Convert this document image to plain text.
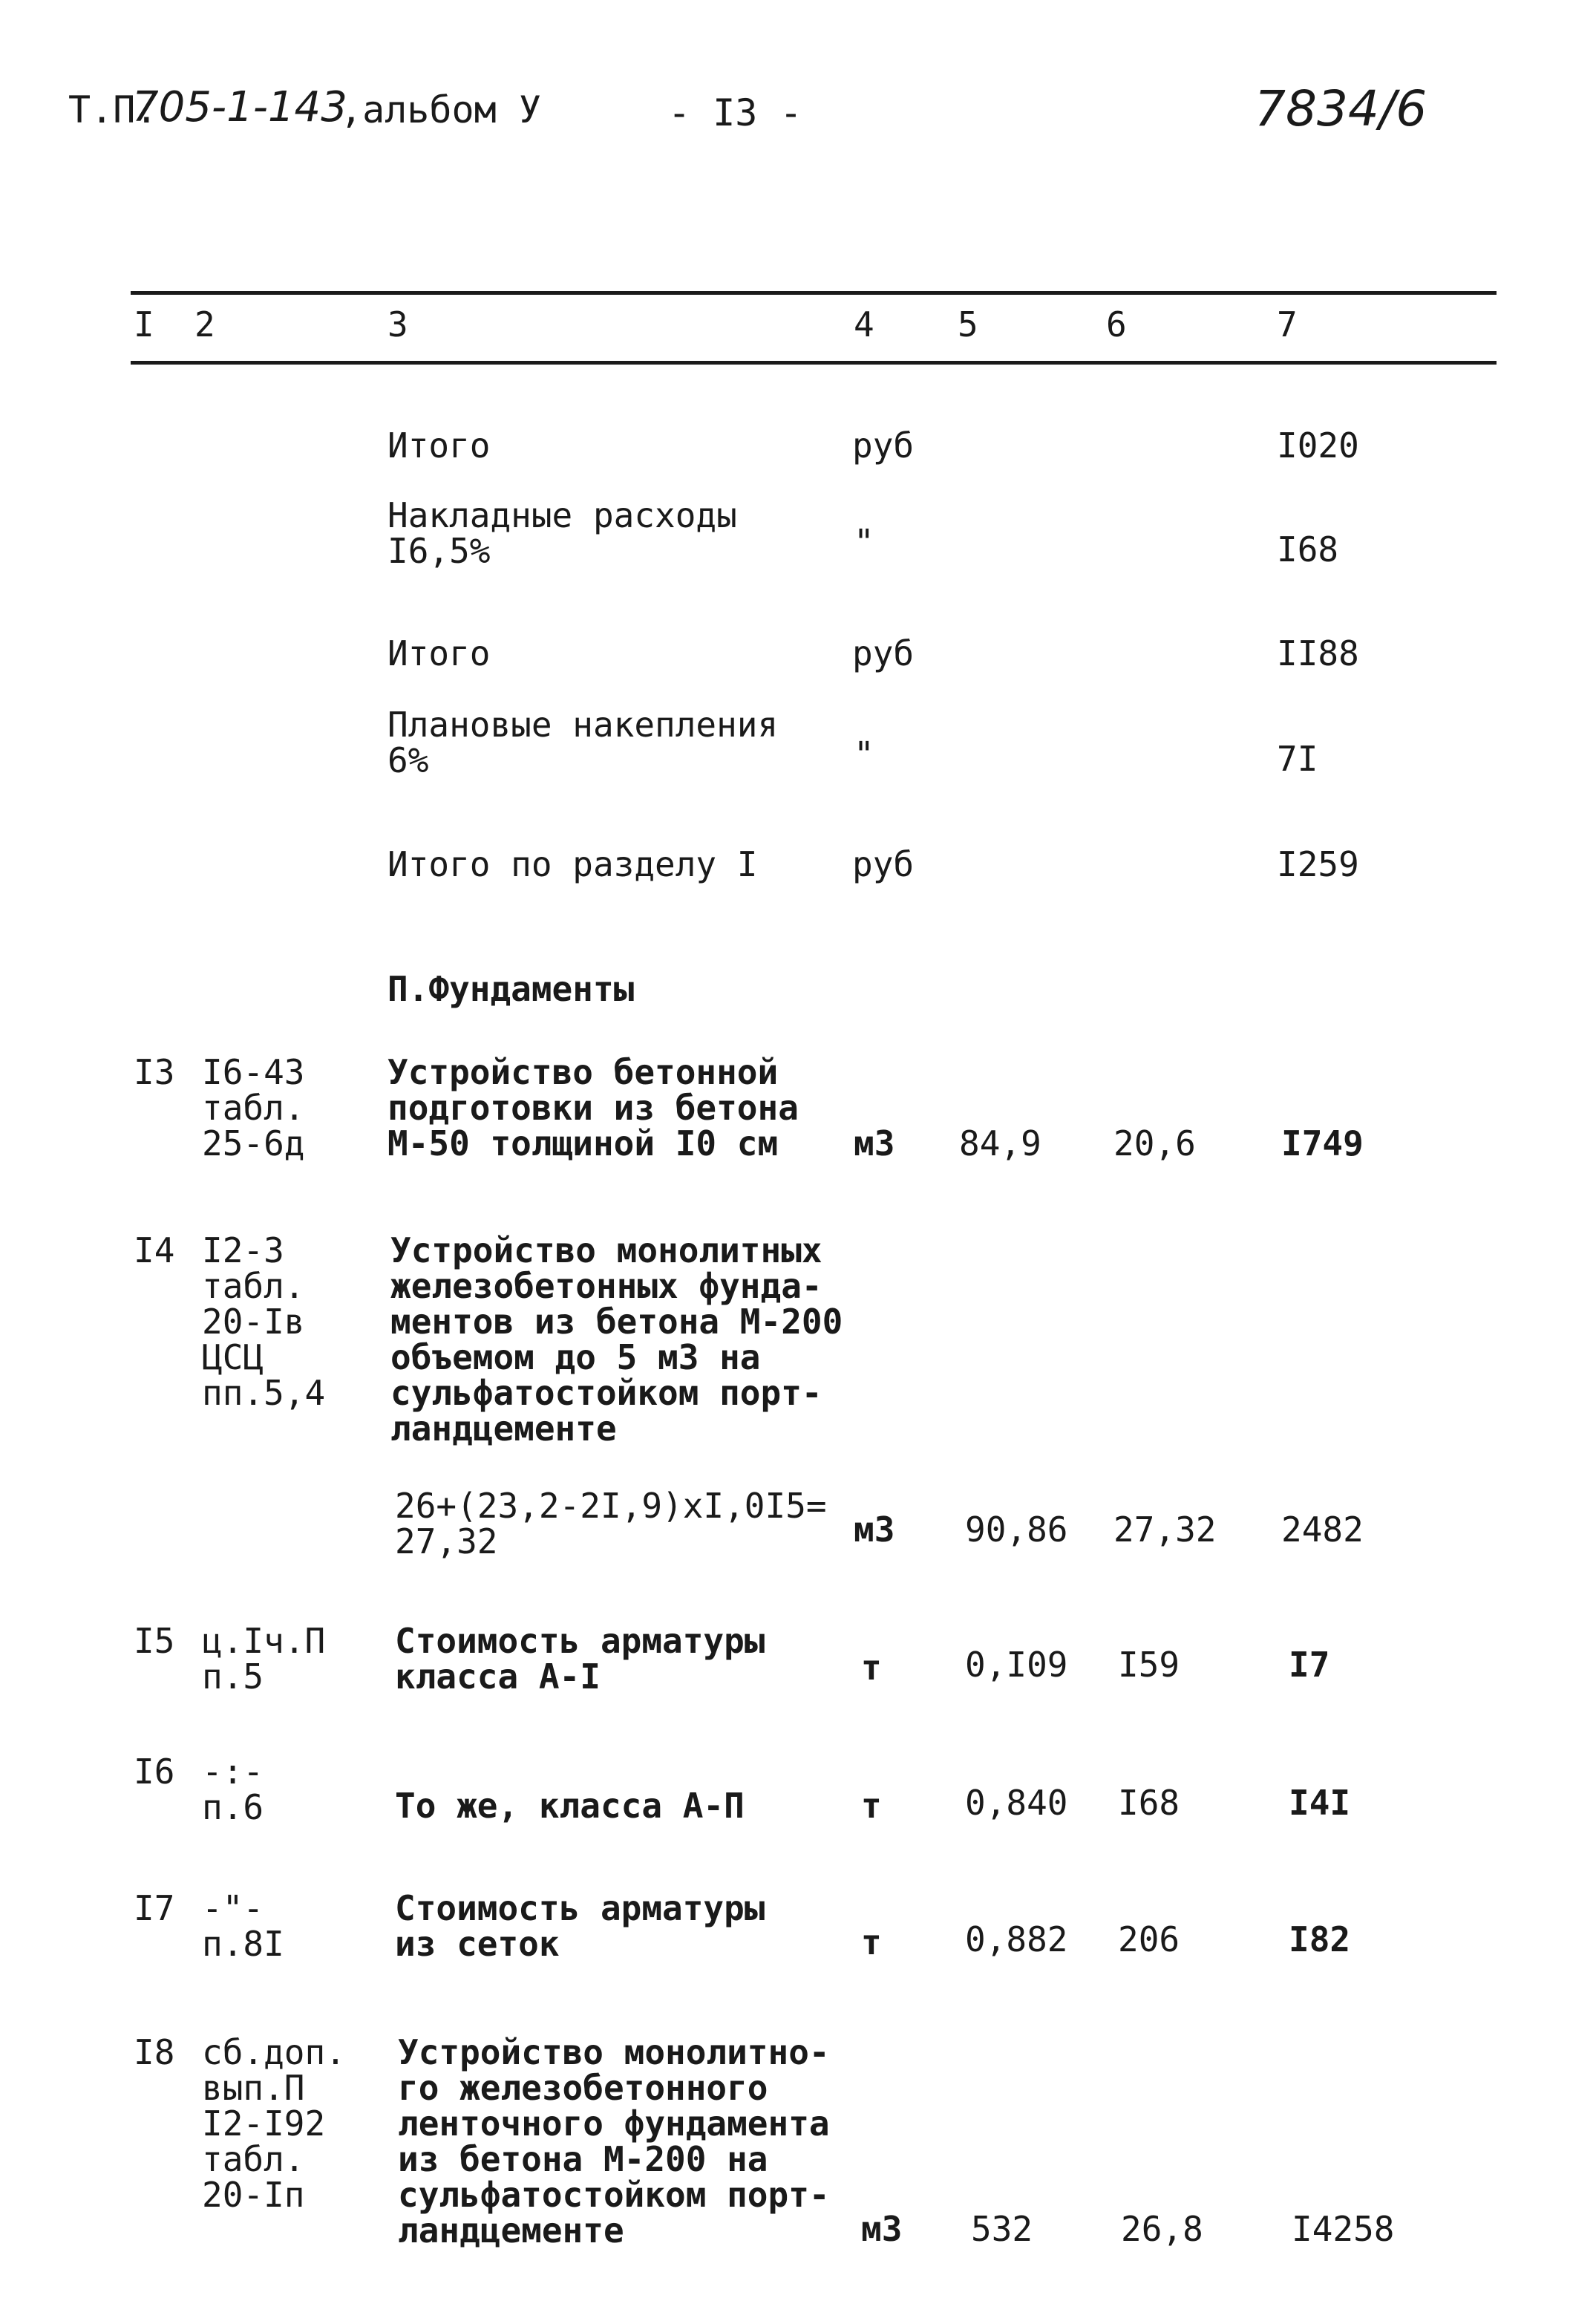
Т.П.
705-1-143
,альбом У	- I3 -	7834/6
I 2	3	4 5	6	7
Итого	руб	I020
Накладные расходы
I6,5%	"	I68
Итого	руб	II88
Плановые накепления
6%	"	7I
Итого по разделу I	руб	I259
П.Фундаменты
I3 I6-43
табл.
25-6д
Устройство бетонной
подготовки из бетона
М-50 толщиной I0 см	м3 84,9 20,6	I749
I4 I2-3
табл.
20-Iв
ЦСЦ
пп.5,4
Устройство монолитных
железобетонных фунда-
ментов из бетона М-200
объемом до 5 м3 на
сульфатостойком порт-
ландцементе
26+(23,2-2I,9)xI,0I5=
27,32	м3 90,86 27,32 2482
I5 ц.Iч.П
п.5
Стоимость арматуры
класса А-I	т 0,I09 I59	I7
I6 -:-
п.6	То же, класса А-П	т 0,840 I68	I4I
I7 -"-
п.8I
Стоимость арматуры
из сеток	т 0,882 206	I82
I8 сб.доп.
вып.П
I2-I92
табл.
20-Iп
Устройство монолитно-
го железобетонного
ленточного фундамента
из бетона М-200 на
сульфатостойком порт-
ландцементе	м3 532	26,8	I4258
